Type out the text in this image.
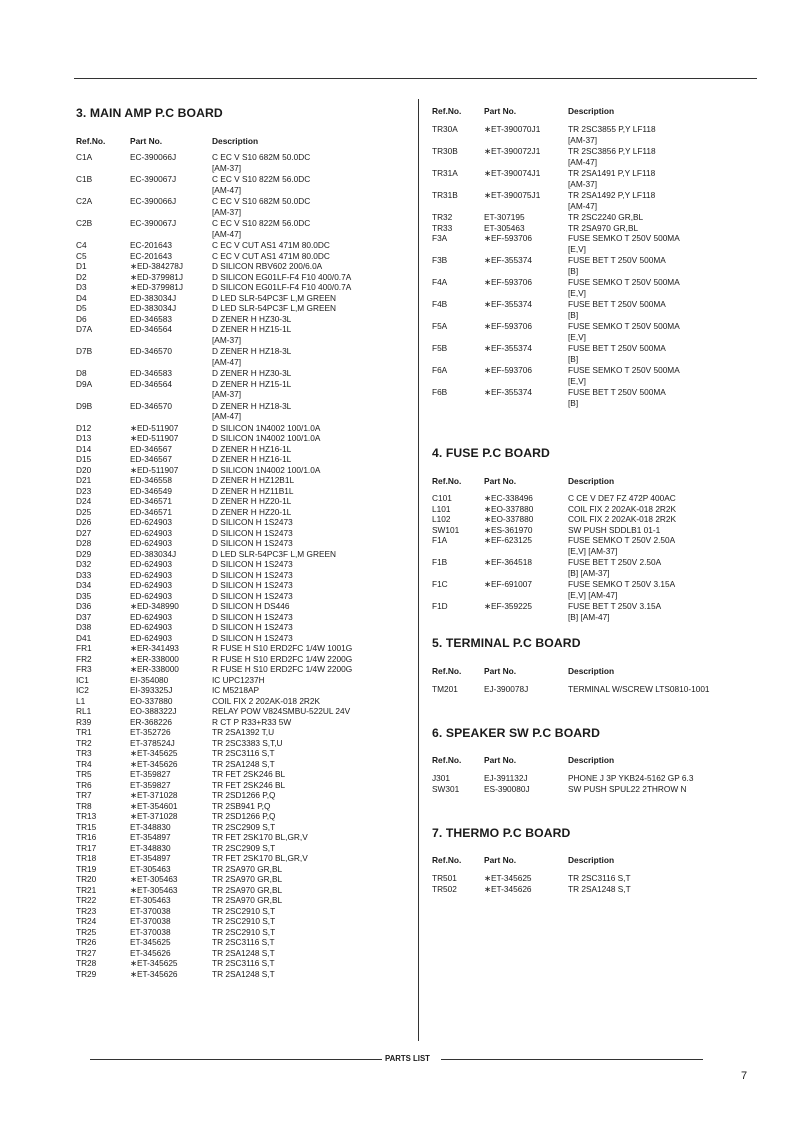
3. MAIN AMP P.C BOARD
Ref.No.	Part No.	Description
C1A	EC-390066J	C EC V S10 682M 50.0DC
[AM-37]
C1B	EC-390067J	C EC V S10 822M 56.0DC
[AM-47]
C2A	EC-390066J	C EC V S10 682M 50.0DC
[AM-37]
C2B	EC-390067J	C EC V S10 822M 56.0DC
[AM-47]
C4	EC-201643	C EC V CUT AS1 471M 80.0DC
C5	EC-201643	C EC V CUT AS1 471M 80.0DC
D1	∗ED-384278J	D SILICON RBV602 200/6.0A
D2	∗ED-379981J	D SILICON EG01LF-F4 F10 400/0.7A
D3	∗ED-379981J	D SILICON EG01LF-F4 F10 400/0.7A
D4	ED-383034J	D LED SLR-54PC3F L,M GREEN
D5	ED-383034J	D LED SLR-54PC3F L,M GREEN
D6	ED-346583	D ZENER H HZ30-3L
D7A	ED-346564	D ZENER H HZ15-1L
[AM-37]
D7B	ED-346570	D ZENER H HZ18-3L
[AM-47]
D8	ED-346583	D ZENER H HZ30-3L
D9A	ED-346564	D ZENER H HZ15-1L
[AM-37]
D9B	ED-346570	D ZENER H HZ18-3L
[AM-47]
D12	∗ED-511907	D SILICON 1N4002 100/1.0A
D13	∗ED-511907	D SILICON 1N4002 100/1.0A
D14	ED-346567	D ZENER H HZ16-1L
D15	ED-346567	D ZENER H HZ16-1L
D20	∗ED-511907	D SILICON 1N4002 100/1.0A
D21	ED-346558	D ZENER H HZ12B1L
D23	ED-346549	D ZENER H HZ11B1L
D24	ED-346571	D ZENER H HZ20-1L
D25	ED-346571	D ZENER H HZ20-1L
D26	ED-624903	D SILICON H 1S2473
D27	ED-624903	D SILICON H 1S2473
D28	ED-624903	D SILICON H 1S2473
D29	ED-383034J	D LED SLR-54PC3F L,M GREEN
D32	ED-624903	D SILICON H 1S2473
D33	ED-624903	D SILICON H 1S2473
D34	ED-624903	D SILICON H 1S2473
D35	ED-624903	D SILICON H 1S2473
D36	∗ED-348990	D SILICON H DS446
D37	ED-624903	D SILICON H 1S2473
D38	ED-624903	D SILICON H 1S2473
D41	ED-624903	D SILICON H 1S2473
FR1	∗ER-341493	R FUSE H S10 ERD2FC 1/4W 1001G
FR2	∗ER-338000	R FUSE H S10 ERD2FC 1/4W 2200G
FR3	∗ER-338000	R FUSE H S10 ERD2FC 1/4W 2200G
IC1	EI-354080	IC UPC1237H
IC2	EI-393325J	IC M5218AP
L1	EO-337880	COIL FIX 2 202AK-018 2R2K
RL1	EO-388322J	RELAY POW V824SMBU-522UL 24V
R39	ER-368226	R CT P R33+R33 5W
TR1	ET-352726	TR 2SA1392 T,U
TR2	ET-378524J	TR 2SC3383 S,T,U
TR3	∗ET-345625	TR 2SC3116 S,T
TR4	∗ET-345626	TR 2SA1248 S,T
TR5	ET-359827	TR FET 2SK246 BL
TR6	ET-359827	TR FET 2SK246 BL
TR7	∗ET-371028	TR 2SD1266 P,Q
TR8	∗ET-354601	TR 2SB941 P,Q
TR13	∗ET-371028	TR 2SD1266 P,Q
TR15	ET-348830	TR 2SC2909 S,T
TR16	ET-354897	TR FET 2SK170 BL,GR,V
TR17	ET-348830	TR 2SC2909 S,T
TR18	ET-354897	TR FET 2SK170 BL,GR,V
TR19	ET-305463	TR 2SA970 GR,BL
TR20	∗ET-305463	TR 2SA970 GR,BL
TR21	∗ET-305463	TR 2SA970 GR,BL
TR22	ET-305463	TR 2SA970 GR,BL
TR23	ET-370038	TR 2SC2910 S,T
TR24	ET-370038	TR 2SC2910 S,T
TR25	ET-370038	TR 2SC2910 S,T
TR26	ET-345625	TR 2SC3116 S,T
TR27	ET-345626	TR 2SA1248 S,T
TR28	∗ET-345625	TR 2SC3116 S,T
TR29	∗ET-345626	TR 2SA1248 S,T
Ref.No.	Part No.	Description
TR30A	∗ET-390070J1	TR 2SC3855 P,Y LF118
[AM-37]
TR30B	∗ET-390072J1	TR 2SC3856 P,Y LF118
[AM-47]
TR31A	∗ET-390074J1	TR 2SA1491 P,Y LF118
[AM-37]
TR31B	∗ET-390075J1	TR 2SA1492 P,Y LF118
[AM-47]
TR32	ET-307195	TR 2SC2240 GR,BL
TR33	ET-305463	TR 2SA970 GR,BL
F3A	∗EF-593706	FUSE SEMKO T 250V 500MA
[E,V]
F3B	∗EF-355374	FUSE BET T 250V 500MA
[B]
F4A	∗EF-593706	FUSE SEMKO T 250V 500MA
[E,V]
F4B	∗EF-355374	FUSE BET T 250V 500MA
[B]
F5A	∗EF-593706	FUSE SEMKO T 250V 500MA
[E,V]
F5B	∗EF-355374	FUSE BET T 250V 500MA
[B]
F6A	∗EF-593706	FUSE SEMKO T 250V 500MA
[E,V]
F6B	∗EF-355374	FUSE BET T 250V 500MA
[B]
4. FUSE P.C BOARD
Ref.No.	Part No.	Description
C101	∗EC-338496	C CE V DE7 FZ 472P 400AC
L101	∗EO-337880	COIL FIX 2 202AK-018 2R2K
L102	∗EO-337880	COIL FIX 2 202AK-018 2R2K
SW101	∗ES-361970	SW PUSH SDDLB1 01-1
F1A	∗EF-623125	FUSE SEMKO T 250V 2.50A
[E,V] [AM-37]
F1B	∗EF-364518	FUSE BET T 250V 2.50A
[B] [AM-37]
F1C	∗EF-691007	FUSE SEMKO T 250V 3.15A
[E,V] [AM-47]
F1D	∗EF-359225	FUSE BET T 250V 3.15A
[B] [AM-47]
5. TERMINAL P.C BOARD
Ref.No.	Part No.	Description
TM201	EJ-390078J	TERMINAL W/SCREW LTS0810-1001
6. SPEAKER SW P.C BOARD
Ref.No.	Part No.	Description
J301	EJ-391132J	PHONE J 3P YKB24-5162 GP 6.3
SW301	ES-390080J	SW PUSH SPUL22 2THROW N
7. THERMO P.C BOARD
Ref.No.	Part No.	Description
TR501	∗ET-345625	TR 2SC3116 S,T
TR502	∗ET-345626	TR 2SA1248 S,T
PARTS LIST
7
